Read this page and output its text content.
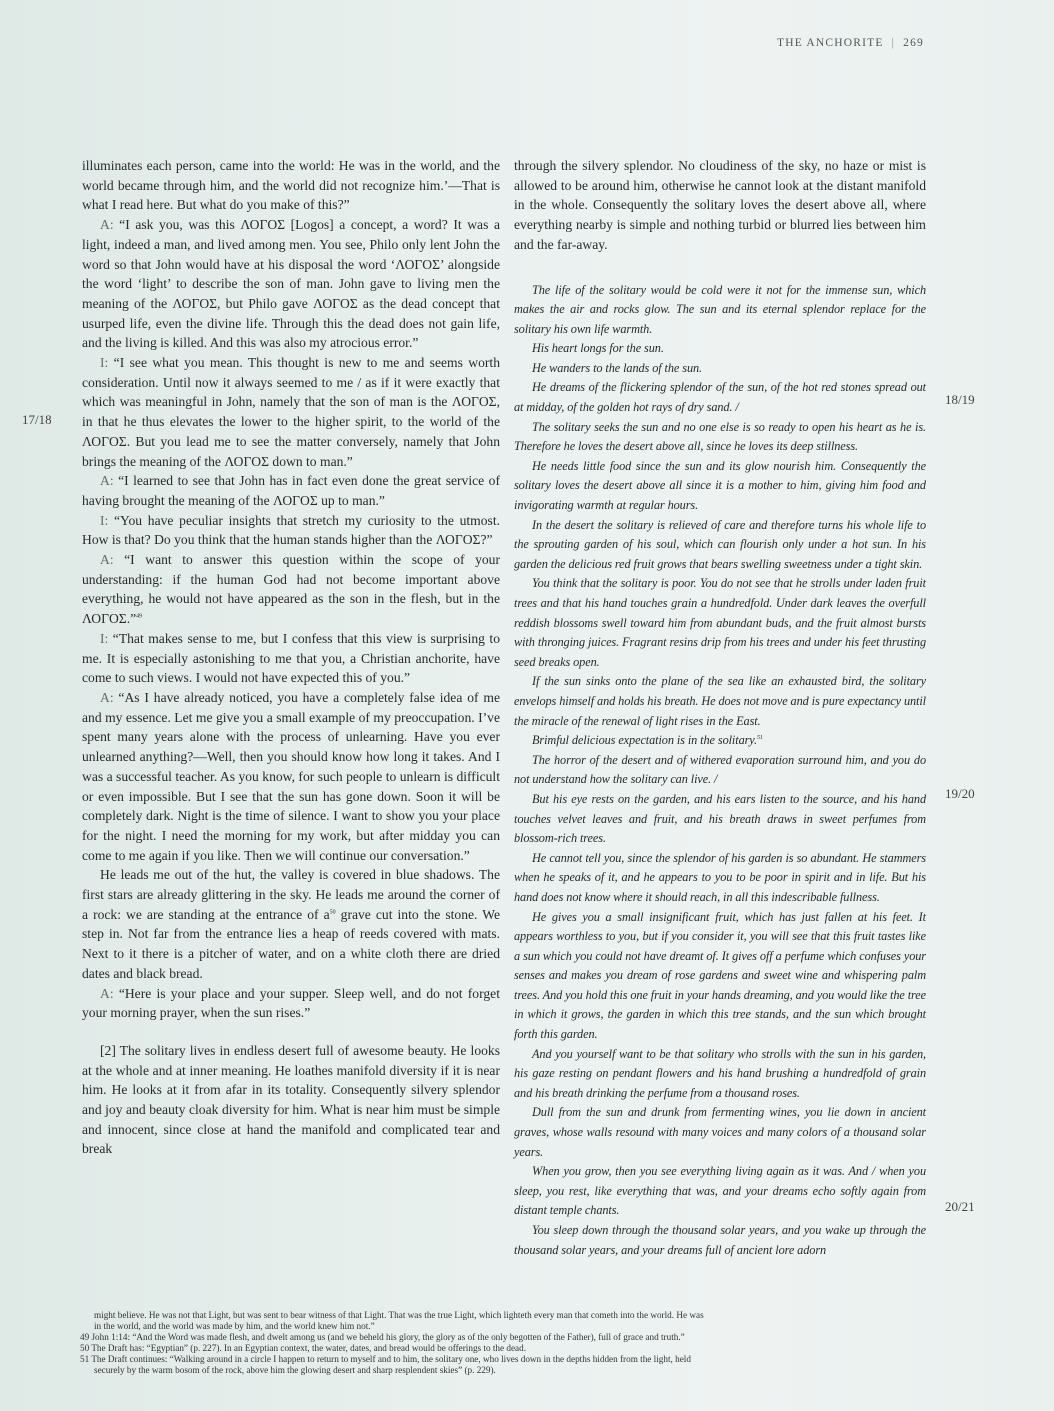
THE ANCHORITE | 269
17/18
18/19
19/20
20/21

illuminates each person, came into the world: He was in the world, and the world became through him, and the world did not recognize him.’—That is what I read here. But what do you make of this?”

A: “I ask you, was this ΛΟΓΟΣ [Logos] a concept, a word? It was a light, indeed a man, and lived among men. You see, Philo only lent John the word so that John would have at his disposal the word ‘ΛΟΓΟΣ’ alongside the word ‘light’ to describe the son of man. John gave to living men the meaning of the ΛΟΓΟΣ, but Philo gave ΛΟΓΟΣ as the dead concept that usurped life, even the divine life. Through this the dead does not gain life, and the living is killed. And this was also my atrocious error.”

I: “I see what you mean. This thought is new to me and seems worth consideration. Until now it always seemed to me / as if it were exactly that which was meaningful in John, namely that the son of man is the ΛΟΓΟΣ, in that he thus elevates the lower to the higher spirit, to the world of the ΛΟΓΟΣ. But you lead me to see the matter conversely, namely that John brings the meaning of the ΛΟΓΟΣ down to man.”

A: “I learned to see that John has in fact even done the great service of having brought the meaning of the ΛΟΓΟΣ up to man.”

I: “You have peculiar insights that stretch my curiosity to the utmost. How is that? Do you think that the human stands higher than the ΛΟΓΟΣ?”

A: “I want to answer this question within the scope of your understanding: if the human God had not become important above everything, he would not have appeared as the son in the flesh, but in the ΛΟΓΟΣ.”$^{49}$

I: “That makes sense to me, but I confess that this view is surprising to me. It is especially astonishing to me that you, a Christian anchorite, have come to such views. I would not have expected this of you.”

A: “As I have already noticed, you have a completely false idea of me and my essence. Let me give you a small example of my preoccupation. I’ve spent many years alone with the process of unlearning. Have you ever unlearned anything?—Well, then you should know how long it takes. And I was a successful teacher. As you know, for such people to unlearn is difficult or even impossible. But I see that the sun has gone down. Soon it will be completely dark. Night is the time of silence. I want to show you your place for the night. I need the morning for my work, but after midday you can come to me again if you like. Then we will continue our conversation.”

He leads me out of the hut, the valley is covered in blue shadows. The first stars are already glittering in the sky. He leads me around the corner of a rock: we are standing at the entrance of $a^{50}$ grave cut into the stone. We step in. Not far from the entrance lies a heap of reeds covered with mats. Next to it there is a pitcher of water, and on a white cloth there are dried dates and black bread.

A: “Here is your place and your supper. Sleep well, and do not forget your morning prayer, when the sun rises.”

[2] The solitary lives in endless desert full of awesome beauty. He looks at the whole and at inner meaning. He loathes manifold diversity if it is near him. He looks at it from afar in its totality. Consequently silvery splendor and joy and beauty cloak diversity for him. What is near him must be simple and innocent, since close at hand the manifold and complicated tear and break

through the silvery splendor. No cloudiness of the sky, no haze or mist is allowed to be around him, otherwise he cannot look at the distant manifold in the whole. Consequently the solitary loves the desert above all, where everything nearby is simple and nothing turbid or blurred lies between him and the far-away.

The life of the solitary would be cold were it not for the immense sun, which makes the air and rocks glow. The sun and its eternal splendor replace for the solitary his own life warmth.

His heart longs for the sun.

He wanders to the lands of the sun.

He dreams of the flickering splendor of the sun, of the hot red stones spread out at midday, of the golden hot rays of dry sand. /

The solitary seeks the sun and no one else is so ready to open his heart as he is. Therefore he loves the desert above all, since he loves its deep stillness.

He needs little food since the sun and its glow nourish him. Consequently the solitary loves the desert above all since it is a mother to him, giving him food and invigorating warmth at regular hours.

In the desert the solitary is relieved of care and therefore turns his whole life to the sprouting garden of his soul, which can flourish only under a hot sun. In his garden the delicious red fruit grows that bears swelling sweetness under a tight skin.

You think that the solitary is poor. You do not see that he strolls under laden fruit trees and that his hand touches grain a hundredfold. Under dark leaves the overfull reddish blossoms swell toward him from abundant buds, and the fruit almost bursts with thronging juices. Fragrant resins drip from his trees and under his feet thrusting seed breaks open.

If the sun sinks onto the plane of the sea like an exhausted bird, the solitary envelops himself and holds his breath. He does not move and is pure expectancy until the miracle of the renewal of light rises in the East.

Brimful delicious expectation is in the solitary.$^{51}$

The horror of the desert and of withered evaporation surround him, and you do not understand how the solitary can live. /

But his eye rests on the garden, and his ears listen to the source, and his hand touches velvet leaves and fruit, and his breath draws in sweet perfumes from blossom-rich trees.

He cannot tell you, since the splendor of his garden is so abundant. He stammers when he speaks of it, and he appears to you to be poor in spirit and in life. But his hand does not know where it should reach, in all this indescribable fullness.

He gives you a small insignificant fruit, which has just fallen at his feet. It appears worthless to you, but if you consider it, you will see that this fruit tastes like a sun which you could not have dreamt of. It gives off a perfume which confuses your senses and makes you dream of rose gardens and sweet wine and whispering palm trees. And you hold this one fruit in your hands dreaming, and you would like the tree in which it grows, the garden in which this tree stands, and the sun which brought forth this garden.

And you yourself want to be that solitary who strolls with the sun in his garden, his gaze resting on pendant flowers and his hand brushing a hundredfold of grain and his breath drinking the perfume from a thousand roses.

Dull from the sun and drunk from fermenting wines, you lie down in ancient graves, whose walls resound with many voices and many colors of a thousand solar years.

When you grow, then you see everything living again as it was. And / when you sleep, you rest, like everything that was, and your dreams echo softly again from distant temple chants.

You sleep down through the thousand solar years, and you wake up through the thousand solar years, and your dreams full of ancient lore adorn

might believe. He was not that Light, but was sent to bear witness of that Light. That was the true Light, which lighteth every man that cometh into the world. He was

in the world, and the world was made by him, and the world knew him not.”

49 John 1:14: “And the Word was made flesh, and dwelt among us (and we beheld his glory, the glory as of the only begotten of the Father), full of grace and truth.”

50 The Draft has: “Egyptian” (p. 227). In an Egyptian context, the water, dates, and bread would be offerings to the dead.

51 The Draft continues: “Walking around in a circle I happen to return to myself and to him, the solitary one, who lives down in the depths hidden from the light, held

securely by the warm bosom of the rock, above him the glowing desert and sharp resplendent skies” (p. 229).
